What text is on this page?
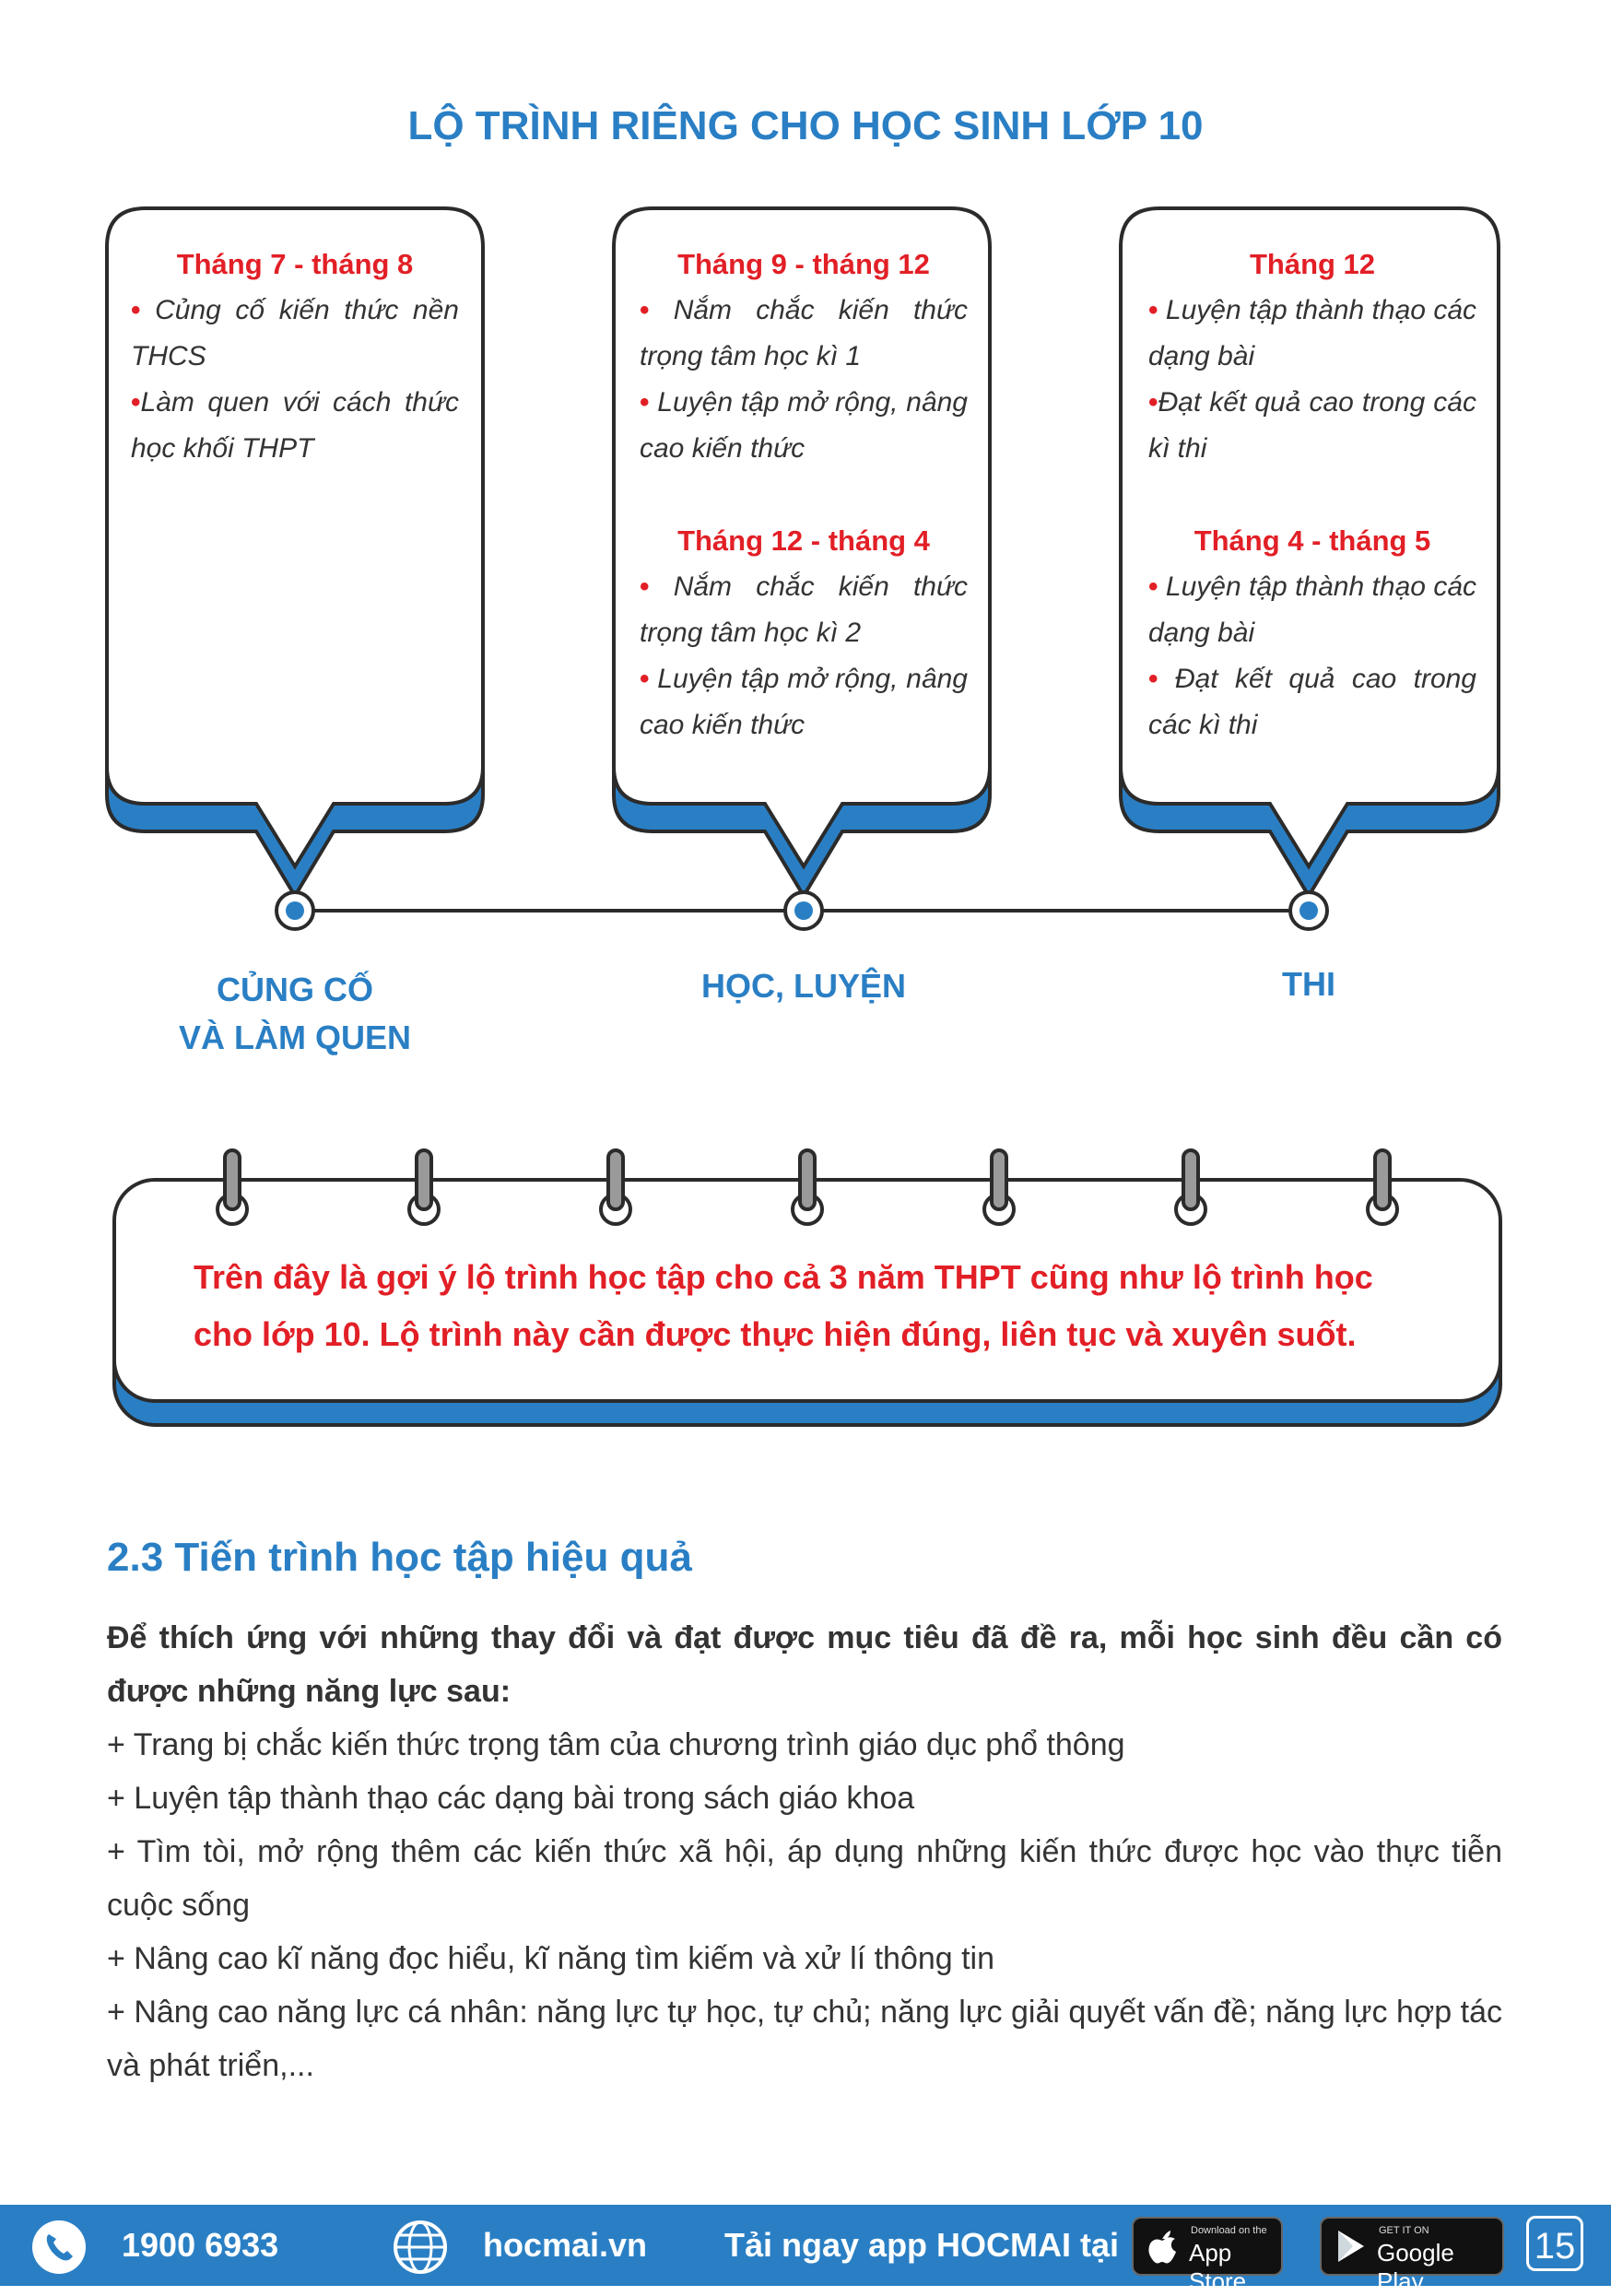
LỘ TRÌNH RIÊNG CHO HỌC SINH LỚP 10
Tháng 7 - tháng 8
• Củng cố kiến thức nền THCS
•Làm quen với cách thức học khối THPT
Tháng 9 - tháng 12
• Nắm chắc kiến thức trọng tâm học kì 1
• Luyện tập mở rộng, nâng cao kiến thức
Tháng 12 - tháng 4
• Nắm chắc kiến thức trọng tâm học kì 2
• Luyện tập mở rộng, nâng cao kiến thức
Tháng 12
• Luyện tập thành thạo các dạng bài
•Đạt kết quả cao trong các kì thi
Tháng 4 - tháng 5
• Luyện tập thành thạo các dạng bài
• Đạt kết quả cao trong các kì thi
CỦNG CỐ
VÀ LÀM QUEN
HỌC, LUYỆN	THI
Trên đây là gợi ý lộ trình học tập cho cả 3 năm THPT cũng như lộ trình học cho lớp 10. Lộ trình này cần được thực hiện đúng, liên tục và xuyên suốt.
2.3 Tiến trình học tập hiệu quả

Để thích ứng với những thay đổi và đạt được mục tiêu đã đề ra, mỗi học sinh đều cần có được những năng lực sau:

+ Trang bị chắc kiến thức trọng tâm của chương trình giáo dục phổ thông

+ Luyện tập thành thạo các dạng bài trong sách giáo khoa

+ Tìm tòi, mở rộng thêm các kiến thức xã hội, áp dụng những kiến thức được học vào thực tiễn cuộc sống

+ Nâng cao kĩ năng đọc hiểu, kĩ năng tìm kiếm và xử lí thông tin

+ Nâng cao năng lực cá nhân: năng lực tự học, tự chủ; năng lực giải quyết vấn đề; năng lực hợp tác và phát triển,...

1900 6933	hocmai.vn Tải ngay app HOCMAI tại	Download on the
App Store
GET IT ON
Google Play
15
